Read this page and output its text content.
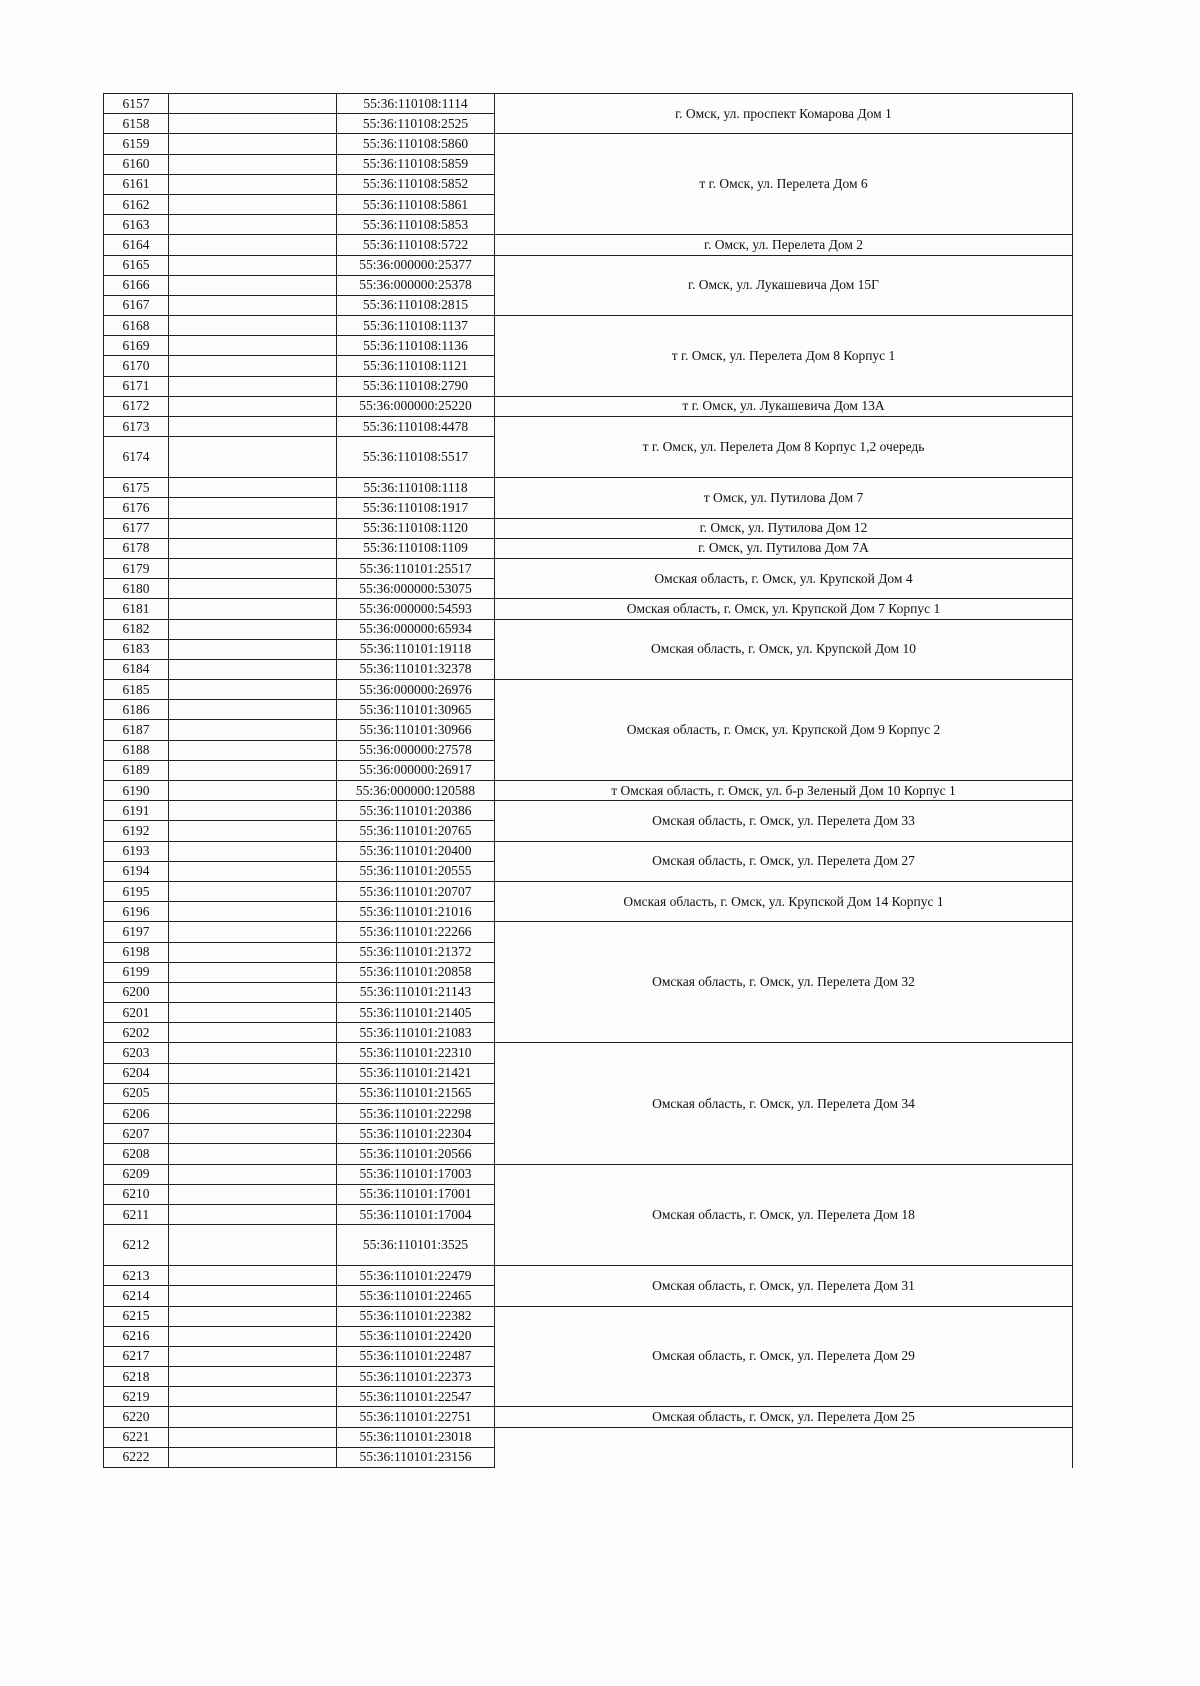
6157		55:36:110108:1114	г. Омск, ул. проспект Комарова Дом 1
6158		55:36:110108:2525	
6159		55:36:110108:5860	т г. Омск, ул. Перелета Дом 6
6160		55:36:110108:5859	
6161		55:36:110108:5852	
6162		55:36:110108:5861	
6163		55:36:110108:5853	
6164		55:36:110108:5722	г. Омск, ул. Перелета Дом 2
6165		55:36:000000:25377	г. Омск, ул. Лукашевича Дом 15Г
6166		55:36:000000:25378	
6167		55:36:110108:2815	
6168		55:36:110108:1137	т г. Омск, ул. Перелета Дом 8 Корпус 1
6169		55:36:110108:1136	
6170		55:36:110108:1121	
6171		55:36:110108:2790	
6172		55:36:000000:25220	т г. Омск, ул. Лукашевича Дом 13А
6173		55:36:110108:4478	т г. Омск, ул. Перелета Дом 8 Корпус 1,2 очередь
6174		55:36:110108:5517	
6175		55:36:110108:1118	т Омск, ул. Путилова Дом 7
6176		55:36:110108:1917	
6177		55:36:110108:1120	г. Омск, ул. Путилова Дом 12
6178		55:36:110108:1109	г. Омск, ул. Путилова Дом 7А
6179		55:36:110101:25517	Омская область, г. Омск, ул. Крупской Дом 4
6180		55:36:000000:53075	
6181		55:36:000000:54593	Омская область, г. Омск, ул. Крупской Дом 7 Корпус 1
6182		55:36:000000:65934	Омская область, г. Омск, ул. Крупской Дом 10
6183		55:36:110101:19118	
6184		55:36:110101:32378	
6185		55:36:000000:26976	Омская область, г. Омск, ул. Крупской Дом 9 Корпус 2
6186		55:36:110101:30965	
6187		55:36:110101:30966	
6188		55:36:000000:27578	
6189		55:36:000000:26917	
6190		55:36:000000:120588	т Омская область, г. Омск, ул. б-р Зеленый Дом 10 Корпус 1
6191		55:36:110101:20386	Омская область, г. Омск, ул. Перелета Дом 33
6192		55:36:110101:20765	
6193		55:36:110101:20400	Омская область, г. Омск, ул. Перелета Дом 27
6194		55:36:110101:20555	
6195		55:36:110101:20707	Омская область, г. Омск, ул. Крупской Дом 14 Корпус 1
6196		55:36:110101:21016	
6197		55:36:110101:22266	Омская область, г. Омск, ул. Перелета Дом 32
6198		55:36:110101:21372	
6199		55:36:110101:20858	
6200		55:36:110101:21143	
6201		55:36:110101:21405	
6202		55:36:110101:21083	
6203		55:36:110101:22310	Омская область, г. Омск, ул. Перелета Дом 34
6204		55:36:110101:21421	
6205		55:36:110101:21565	
6206		55:36:110101:22298	
6207		55:36:110101:22304	
6208		55:36:110101:20566	
6209		55:36:110101:17003	Омская область, г. Омск, ул. Перелета Дом 18
6210		55:36:110101:17001	
6211		55:36:110101:17004	
6212		55:36:110101:3525	
6213		55:36:110101:22479	Омская область, г. Омск, ул. Перелета Дом 31
6214		55:36:110101:22465	
6215		55:36:110101:22382	Омская область, г. Омск, ул. Перелета Дом 29
6216		55:36:110101:22420	
6217		55:36:110101:22487	
6218		55:36:110101:22373	
6219		55:36:110101:22547	
6220		55:36:110101:22751	Омская область, г. Омск, ул. Перелета Дом 25
6221		55:36:110101:23018	
6222		55:36:110101:23156	
